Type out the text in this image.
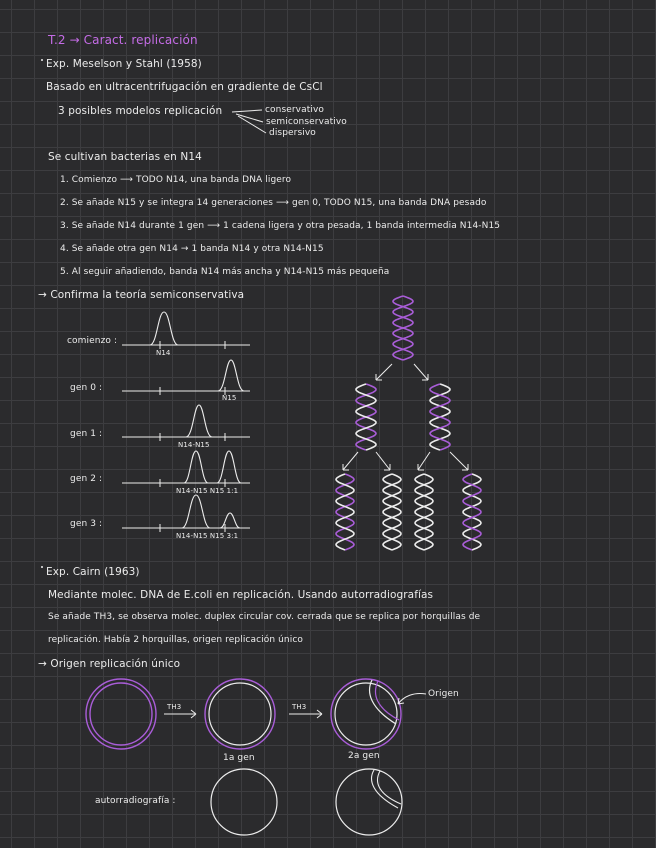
T.2 → Caract. replicación
Exp. Meselson y Stahl (1958)
Basado en ultracentrifugación en gradiente de CsCl
3 posibles modelos replicación	conservativo
semiconservativo
dispersivo
Se cultivan bacterias en N14
1. Comienzo ⟶ TODO N14, una banda DNA ligero
2. Se añade N15 y se integra 14 generaciones ⟶ gen 0, TODO N15, una banda DNA pesado
3. Se añade N14 durante 1 gen ⟶ 1 cadena ligera y otra pesada, 1 banda intermedia N14-N15
4. Se añade otra gen N14 → 1 banda N14 y otra N14-N15
5. Al seguir añadiendo, banda N14 más ancha y N14-N15 más pequeña
→ Confirma la teoría semiconservativa
comienzo :
gen 0 :
gen 1 :
gen 2 :
gen 3 :
N14
N15
N14-N15
N14-N15 N15 1:1
N14-N15 N15 3:1
Exp. Cairn (1963)
Mediante molec. DNA de E.coli en replicación. Usando autorradiografías
Se añade TH3, se observa molec. duplex circular cov. cerrada que se replica por horquillas de
replicación. Había 2 horquillas, origen replicación único
→ Origen replicación único
TH3	TH3
1a gen	2a gen
Origen
autorradiografía :
